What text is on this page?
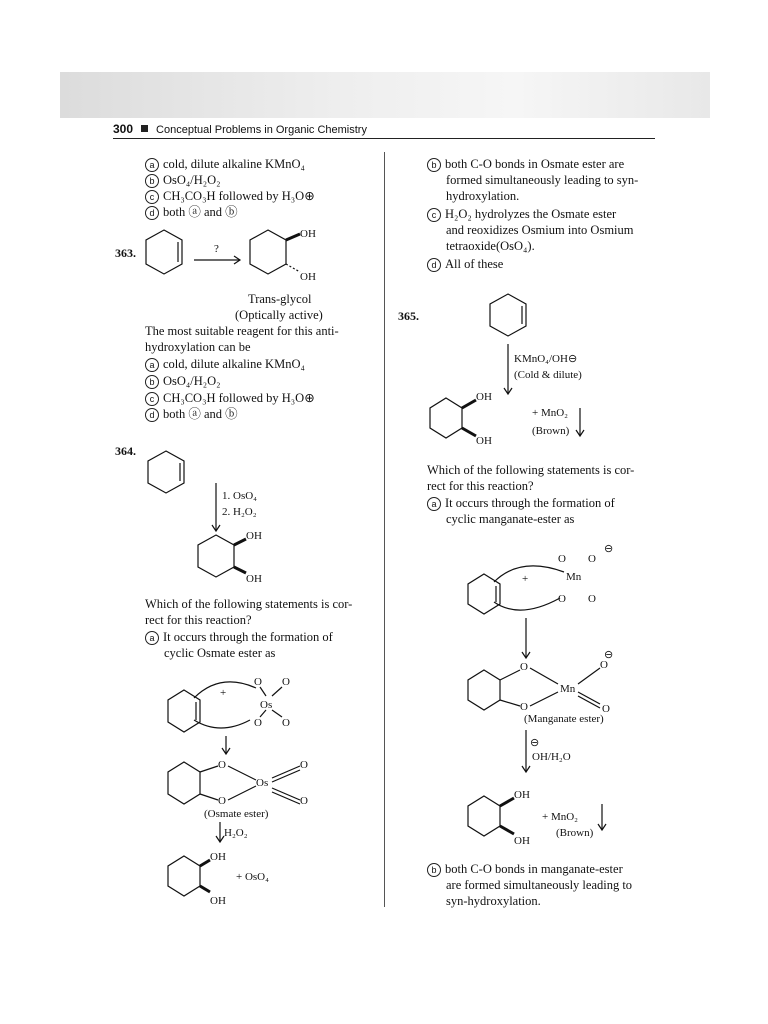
300 Conceptual Problems in Organic Chemistry
a cold, dilute alkaline KMnO₄
b OsO₄/H₂O₂
c CH₃CO₃H followed by H₃O⊕
d both ⓐ and ⓑ
363.	?
OH
OH
Trans-glycol
(Optically active)
The most suitable reagent for this anti-
hydroxylation can be
a cold, dilute alkaline KMnO₄
b OsO₄/H₂O₂
c CH₃CO₃H followed by H₃O⊕
d both ⓐ and ⓑ
364.
1. OsO₄
2. H₂O₂
OH
OH
Which of the following statements is cor-
rect for this reaction?
a It occurs through the formation of
cyclic Osmate ester as
+
Os
O O
O O
O
O
Os
O
O
(Osmate ester)
H₂O₂
OH
OH
+ OsO₄
b both C-O bonds in Osmate ester are
formed simultaneously leading to syn-
hydroxylation.
c H₂O₂ hydrolyzes the Osmate ester
and reoxidizes Osmium into Osmium
tetraoxide(OsO₄).
d All of these
365.
KMnO₄/OH⊖
(Cold & dilute)
OH
OH
+ MnO₂
(Brown)
Which of the following statements is cor-
rect for this reaction?
a It occurs through the formation of
cyclic manganate-ester as
⊖
+	Mn
O O
O O
⊖
O
O
Mn
O
O
(Manganate ester)
⊖
OH/H₂O
OH
OH
+ MnO₂
(Brown)
b both C-O bonds in manganate-ester
are formed simultaneously leading to
syn-hydroxylation.
